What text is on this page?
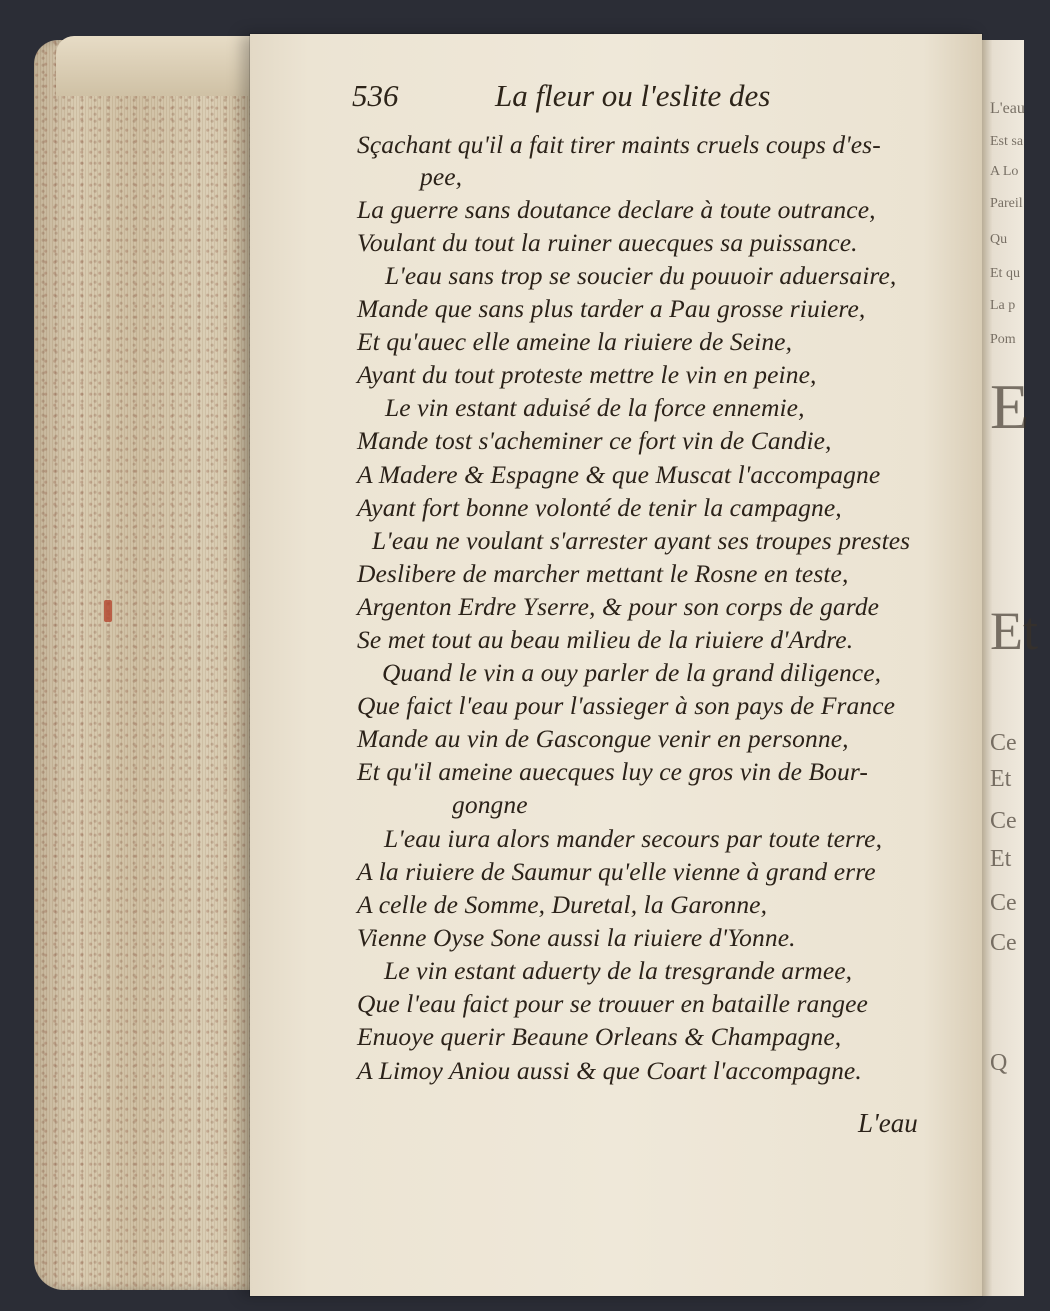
L'eau
Est sa
A Lo
Pareil
Qu
Et qu
La p
Pom
E
Et
Ce
Et
Ce
Et
Ce
Ce
Q
536	La fleur ou l'eslite des
Sçachant qu'il a fait tirer maints cruels coups d'es-
pee,
La guerre sans doutance declare à toute outrance,
Voulant du tout la ruiner auecques sa puissance.
L'eau sans trop se soucier du pouuoir aduersaire,
Mande que sans plus tarder a Pau grosse riuiere,
Et qu'auec elle ameine la riuiere de Seine,
Ayant du tout proteste mettre le vin en peine,
Le vin estant aduisé de la force ennemie,
Mande tost s'acheminer ce fort vin de Candie,
A Madere & Espagne & que Muscat l'accompagne
Ayant fort bonne volonté de tenir la campagne,
L'eau ne voulant s'arrester ayant ses troupes prestes
Deslibere de marcher mettant le Rosne en teste,
Argenton Erdre Yserre, & pour son corps de garde
Se met tout au beau milieu de la riuiere d'Ardre.
Quand le vin a ouy parler de la grand diligence,
Que faict l'eau pour l'assieger à son pays de France
Mande au vin de Gascongue venir en personne,
Et qu'il ameine auecques luy ce gros vin de Bour-
gongne
L'eau iura alors mander secours par toute terre,
A la riuiere de Saumur qu'elle vienne à grand erre
A celle de Somme, Duretal, la Garonne,
Vienne Oyse Sone aussi la riuiere d'Yonne.
Le vin estant aduerty de la tresgrande armee,
Que l'eau faict pour se trouuer en bataille rangee
Enuoye querir Beaune Orleans & Champagne,
A Limoy Aniou aussi & que Coart l'accompagne.
L'eau
